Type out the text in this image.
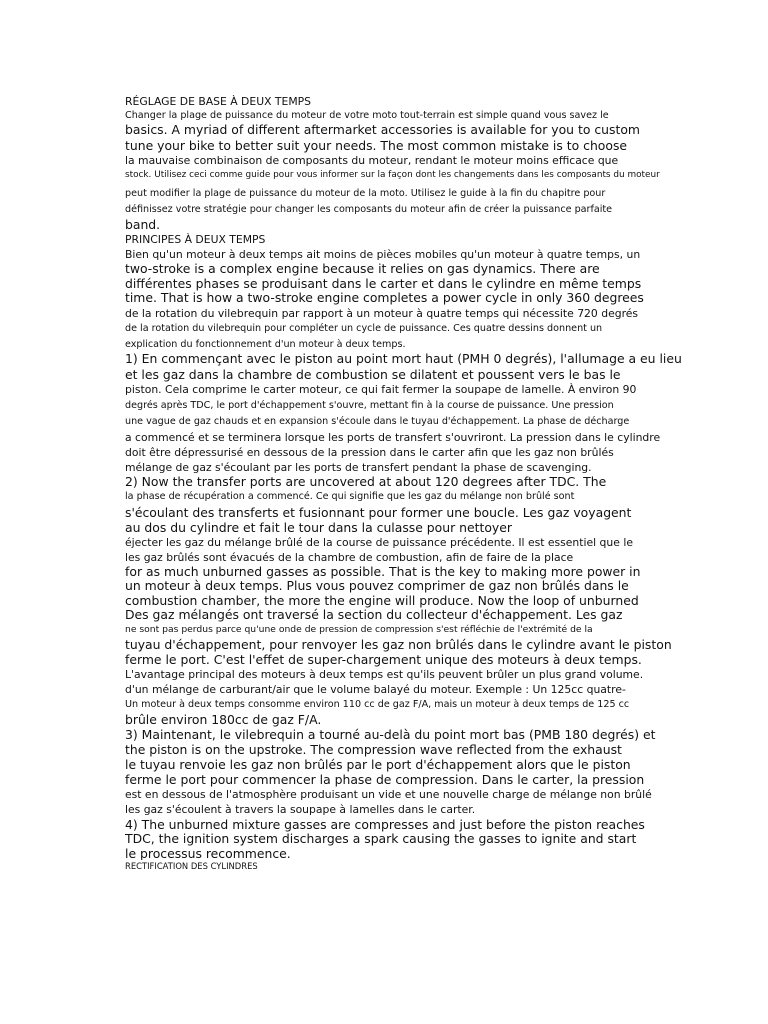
RÉGLAGE DE BASE À DEUX TEMPS
Changer la plage de puissance du moteur de votre moto tout-terrain est simple quand vous savez le
basics. A myriad of different aftermarket accessories is available for you to custom
tune your bike to better suit your needs. The most common mistake is to choose
la mauvaise combinaison de composants du moteur, rendant le moteur moins efficace que
stock. Utilisez ceci comme guide pour vous informer sur la façon dont les changements dans les composants du moteur
peut modifier la plage de puissance du moteur de la moto. Utilisez le guide à la fin du chapitre pour
définissez votre stratégie pour changer les composants du moteur afin de créer la puissance parfaite
band.
PRINCIPES À DEUX TEMPS
Bien qu'un moteur à deux temps ait moins de pièces mobiles qu'un moteur à quatre temps, un
two-stroke is a complex engine because it relies on gas dynamics. There are
différentes phases se produisant dans le carter et dans le cylindre en même temps
time. That is how a two-stroke engine completes a power cycle in only 360 degrees
de la rotation du vilebrequin par rapport à un moteur à quatre temps qui nécessite 720 degrés
de la rotation du vilebrequin pour compléter un cycle de puissance. Ces quatre dessins donnent un
explication du fonctionnement d'un moteur à deux temps.
1) En commençant avec le piston au point mort haut (PMH 0 degrés), l'allumage a eu lieu
et les gaz dans la chambre de combustion se dilatent et poussent vers le bas le
piston. Cela comprime le carter moteur, ce qui fait fermer la soupape de lamelle. À environ 90
degrés après TDC, le port d'échappement s'ouvre, mettant fin à la course de puissance. Une pression
une vague de gaz chauds et en expansion s'écoule dans le tuyau d'échappement. La phase de décharge
a commencé et se terminera lorsque les ports de transfert s'ouvriront. La pression dans le cylindre
doit être dépressurisé en dessous de la pression dans le carter afin que les gaz non brûlés
mélange de gaz s'écoulant par les ports de transfert pendant la phase de scavenging.
2) Now the transfer ports are uncovered at about 120 degrees after TDC. The
la phase de récupération a commencé. Ce qui signifie que les gaz du mélange non brûlé sont
s'écoulant des transferts et fusionnant pour former une boucle. Les gaz voyagent
au dos du cylindre et fait le tour dans la culasse pour nettoyer
éjecter les gaz du mélange brûlé de la course de puissance précédente. Il est essentiel que le
les gaz brûlés sont évacués de la chambre de combustion, afin de faire de la place
for as much unburned gasses as possible. That is the key to making more power in
un moteur à deux temps. Plus vous pouvez comprimer de gaz non brûlés dans le
combustion chamber, the more the engine will produce. Now the loop of unburned
Des gaz mélangés ont traversé la section du collecteur d'échappement. Les gaz
ne sont pas perdus parce qu'une onde de pression de compression s'est réfléchie de l'extrémité de la
tuyau d'échappement, pour renvoyer les gaz non brûlés dans le cylindre avant le piston
ferme le port. C'est l'effet de super-chargement unique des moteurs à deux temps.
L'avantage principal des moteurs à deux temps est qu'ils peuvent brûler un plus grand volume.
d'un mélange de carburant/air que le volume balayé du moteur. Exemple : Un 125cc quatre-
Un moteur à deux temps consomme environ 110 cc de gaz F/A, mais un moteur à deux temps de 125 cc
brûle environ 180cc de gaz F/A.
3) Maintenant, le vilebrequin a tourné au-delà du point mort bas (PMB 180 degrés) et
the piston is on the upstroke. The compression wave reflected from the exhaust
le tuyau renvoie les gaz non brûlés par le port d'échappement alors que le piston
ferme le port pour commencer la phase de compression. Dans le carter, la pression
est en dessous de l'atmosphère produisant un vide et une nouvelle charge de mélange non brûlé
les gaz s'écoulent à travers la soupape à lamelles dans le carter.
4) The unburned mixture gasses are compresses and just before the piston reaches
TDC, the ignition system discharges a spark causing the gasses to ignite and start
le processus recommence.
RECTIFICATION DES CYLINDRES
